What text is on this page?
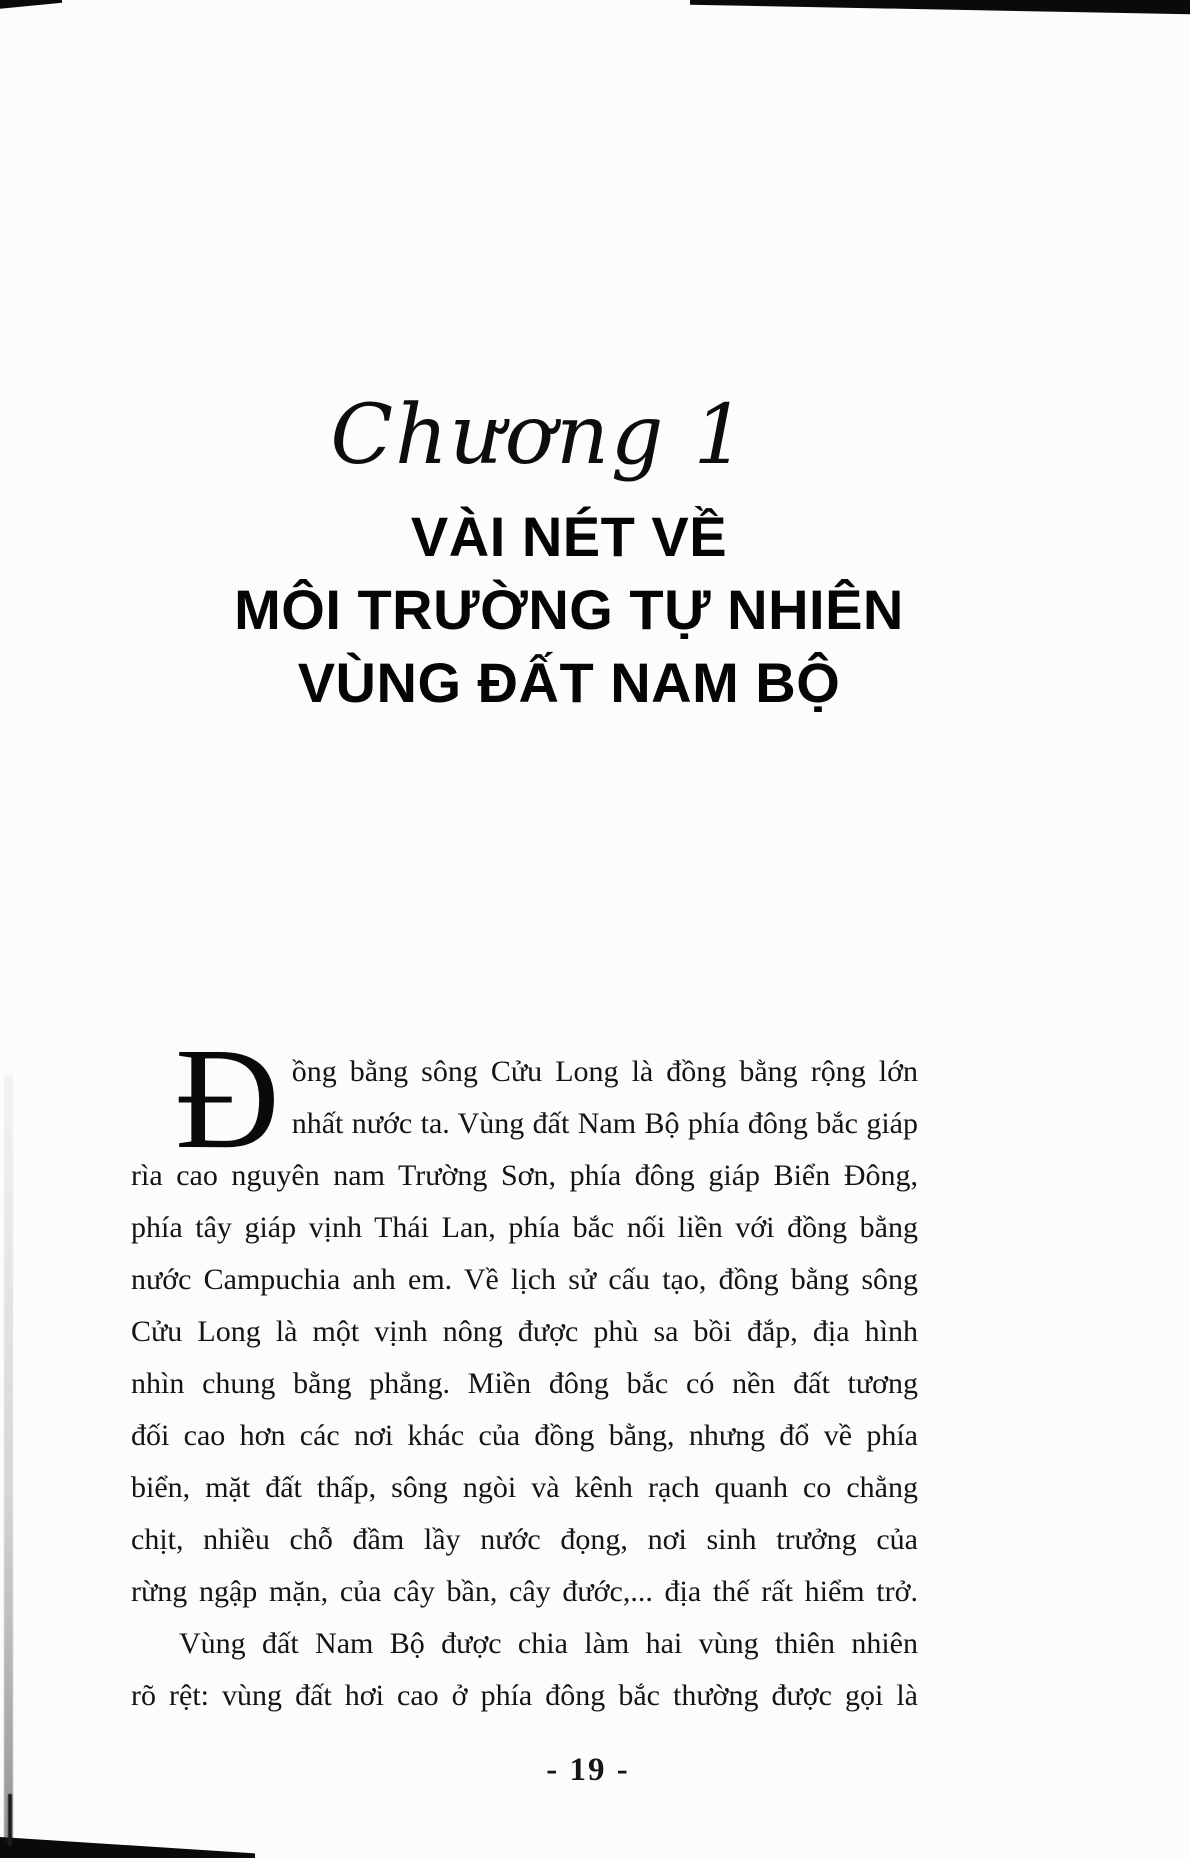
Chương 1
VÀI NÉT VỀ
MÔI TRƯỜNG TỰ NHIÊN
VÙNG ĐẤT NAM BỘ
Đ ồng bằng sông Cửu Long là đồng bằng rộng lớn
nhất nước ta. Vùng đất Nam Bộ phía đông bắc giáp
rìa cao nguyên nam Trường Sơn, phía đông giáp Biển Đông,
phía tây giáp vịnh Thái Lan, phía bắc nối liền với đồng bằng
nước Campuchia anh em. Về lịch sử cấu tạo, đồng bằng sông
Cửu Long là một vịnh nông được phù sa bồi đắp, địa hình
nhìn chung bằng phẳng. Miền đông bắc có nền đất tương
đối cao hơn các nơi khác của đồng bằng, nhưng đổ về phía
biển, mặt đất thấp, sông ngòi và kênh rạch quanh co chằng
chịt, nhiều chỗ đầm lầy nước đọng, nơi sinh trưởng của
rừng ngập mặn, của cây bần, cây đước,... địa thế rất hiểm trở.
Vùng đất Nam Bộ được chia làm hai vùng thiên nhiên
rõ rệt: vùng đất hơi cao ở phía đông bắc thường được gọi là
- 19 -
